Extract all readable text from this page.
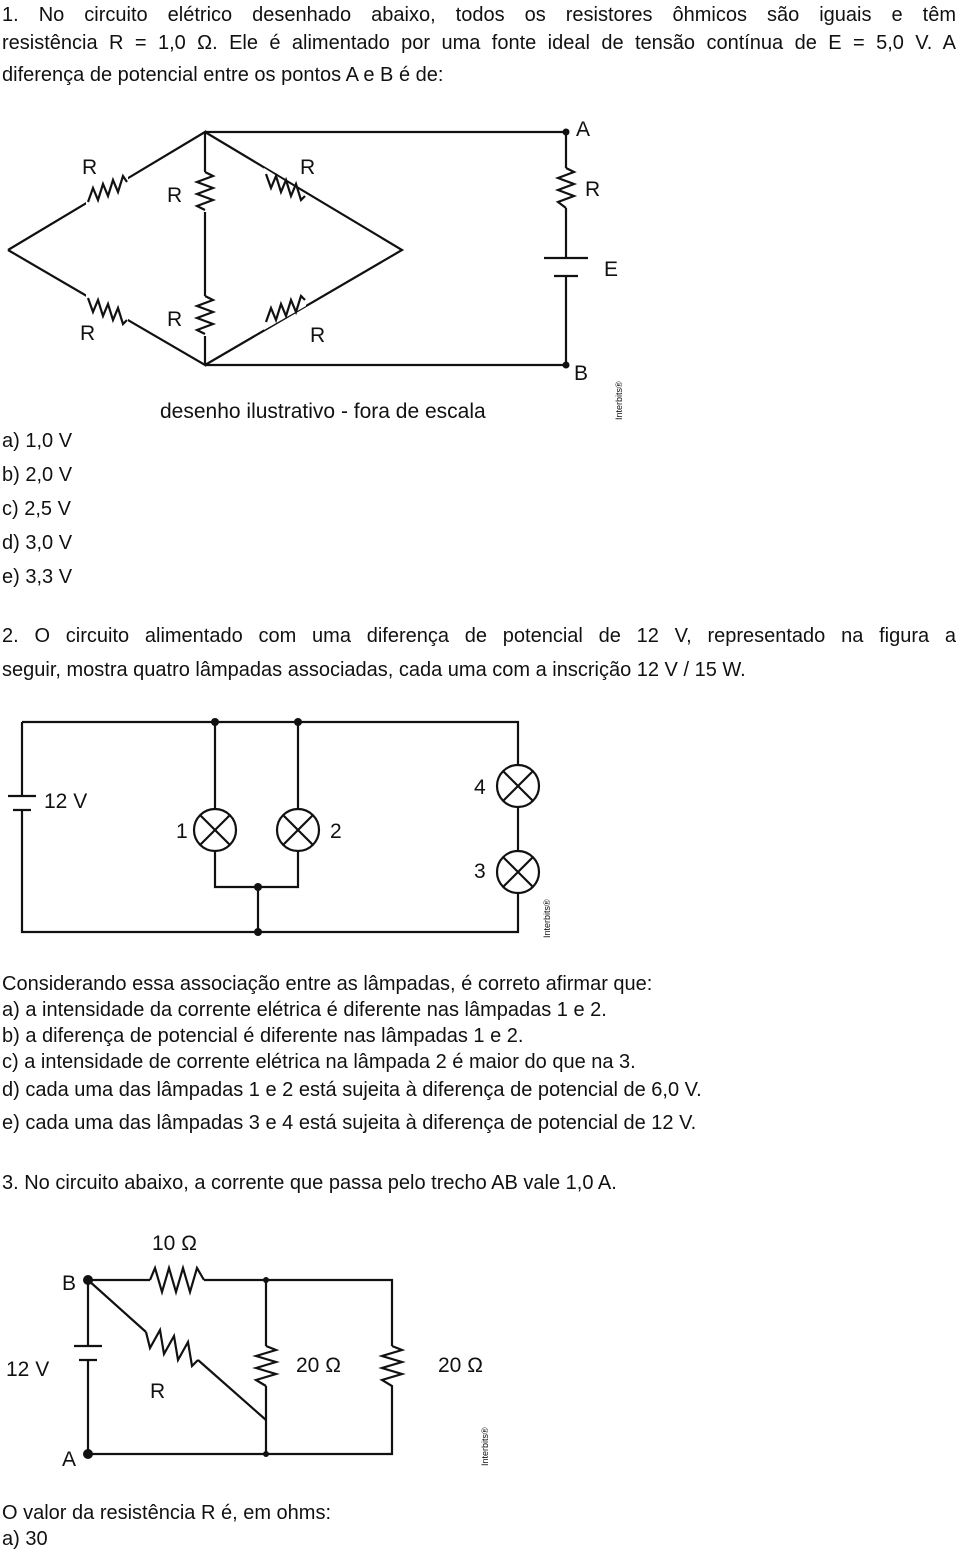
1. No circuito elétrico desenhado abaixo, todos os resistores ôhmicos são iguais e têm
resistência R = 1,0 Ω. Ele é alimentado por uma fonte ideal de tensão contínua de E = 5,0 V. A
diferença de potencial entre os pontos A e B é de:
R
R
R
R
R
R
R
A
B
E
desenho ilustrativo - fora de escala	Interbits®
a) 1,0 V
b) 2,0 V
c) 2,5 V
d) 3,0 V
e) 3,3 V
2. O circuito alimentado com uma diferença de potencial de 12 V, representado na figura a
seguir, mostra quatro lâmpadas associadas, cada uma com a inscrição 12 V / 15 W.
12 V
1	2
4
3
Interbits®
Considerando essa associação entre as lâmpadas, é correto afirmar que:
a) a intensidade da corrente elétrica é diferente nas lâmpadas 1 e 2.
b) a diferença de potencial é diferente nas lâmpadas 1 e 2.
c) a intensidade de corrente elétrica na lâmpada 2 é maior do que na 3.
d) cada uma das lâmpadas 1 e 2 está sujeita à diferença de potencial de 6,0 V.
e) cada uma das lâmpadas 3 e 4 está sujeita à diferença de potencial de 12 V.
3. No circuito abaixo, a corrente que passa pelo trecho AB vale 1,0 A.
10 Ω
B
A
12 V
R
20 Ω	20 Ω
Interbits®
O valor da resistência R é, em ohms:
a) 30
